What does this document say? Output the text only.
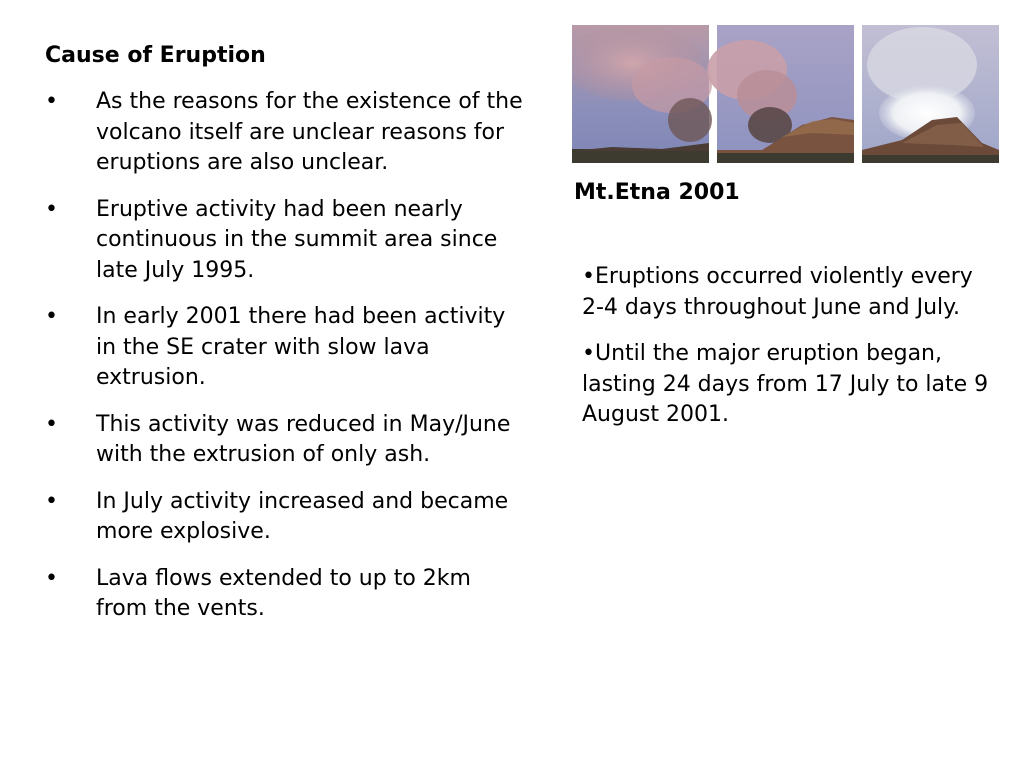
Cause of Eruption
• As the reasons for the existence of the volcano itself are unclear reasons for eruptions are also unclear.
• Eruptive activity had been nearly continuous in the summit area since late July 1995.
• In early 2001 there had been activity in the SE crater with slow lava extrusion.
• This activity was reduced in May/June with the extrusion of only ash.
• In July activity increased and became more explosive.
• Lava flows extended to up to 2km from the vents.

Mt.Etna 2001

•Eruptions occurred violently every 2-4 days throughout June and July.
•Until the major eruption began, lasting 24 days from 17 July to late 9 August 2001.
